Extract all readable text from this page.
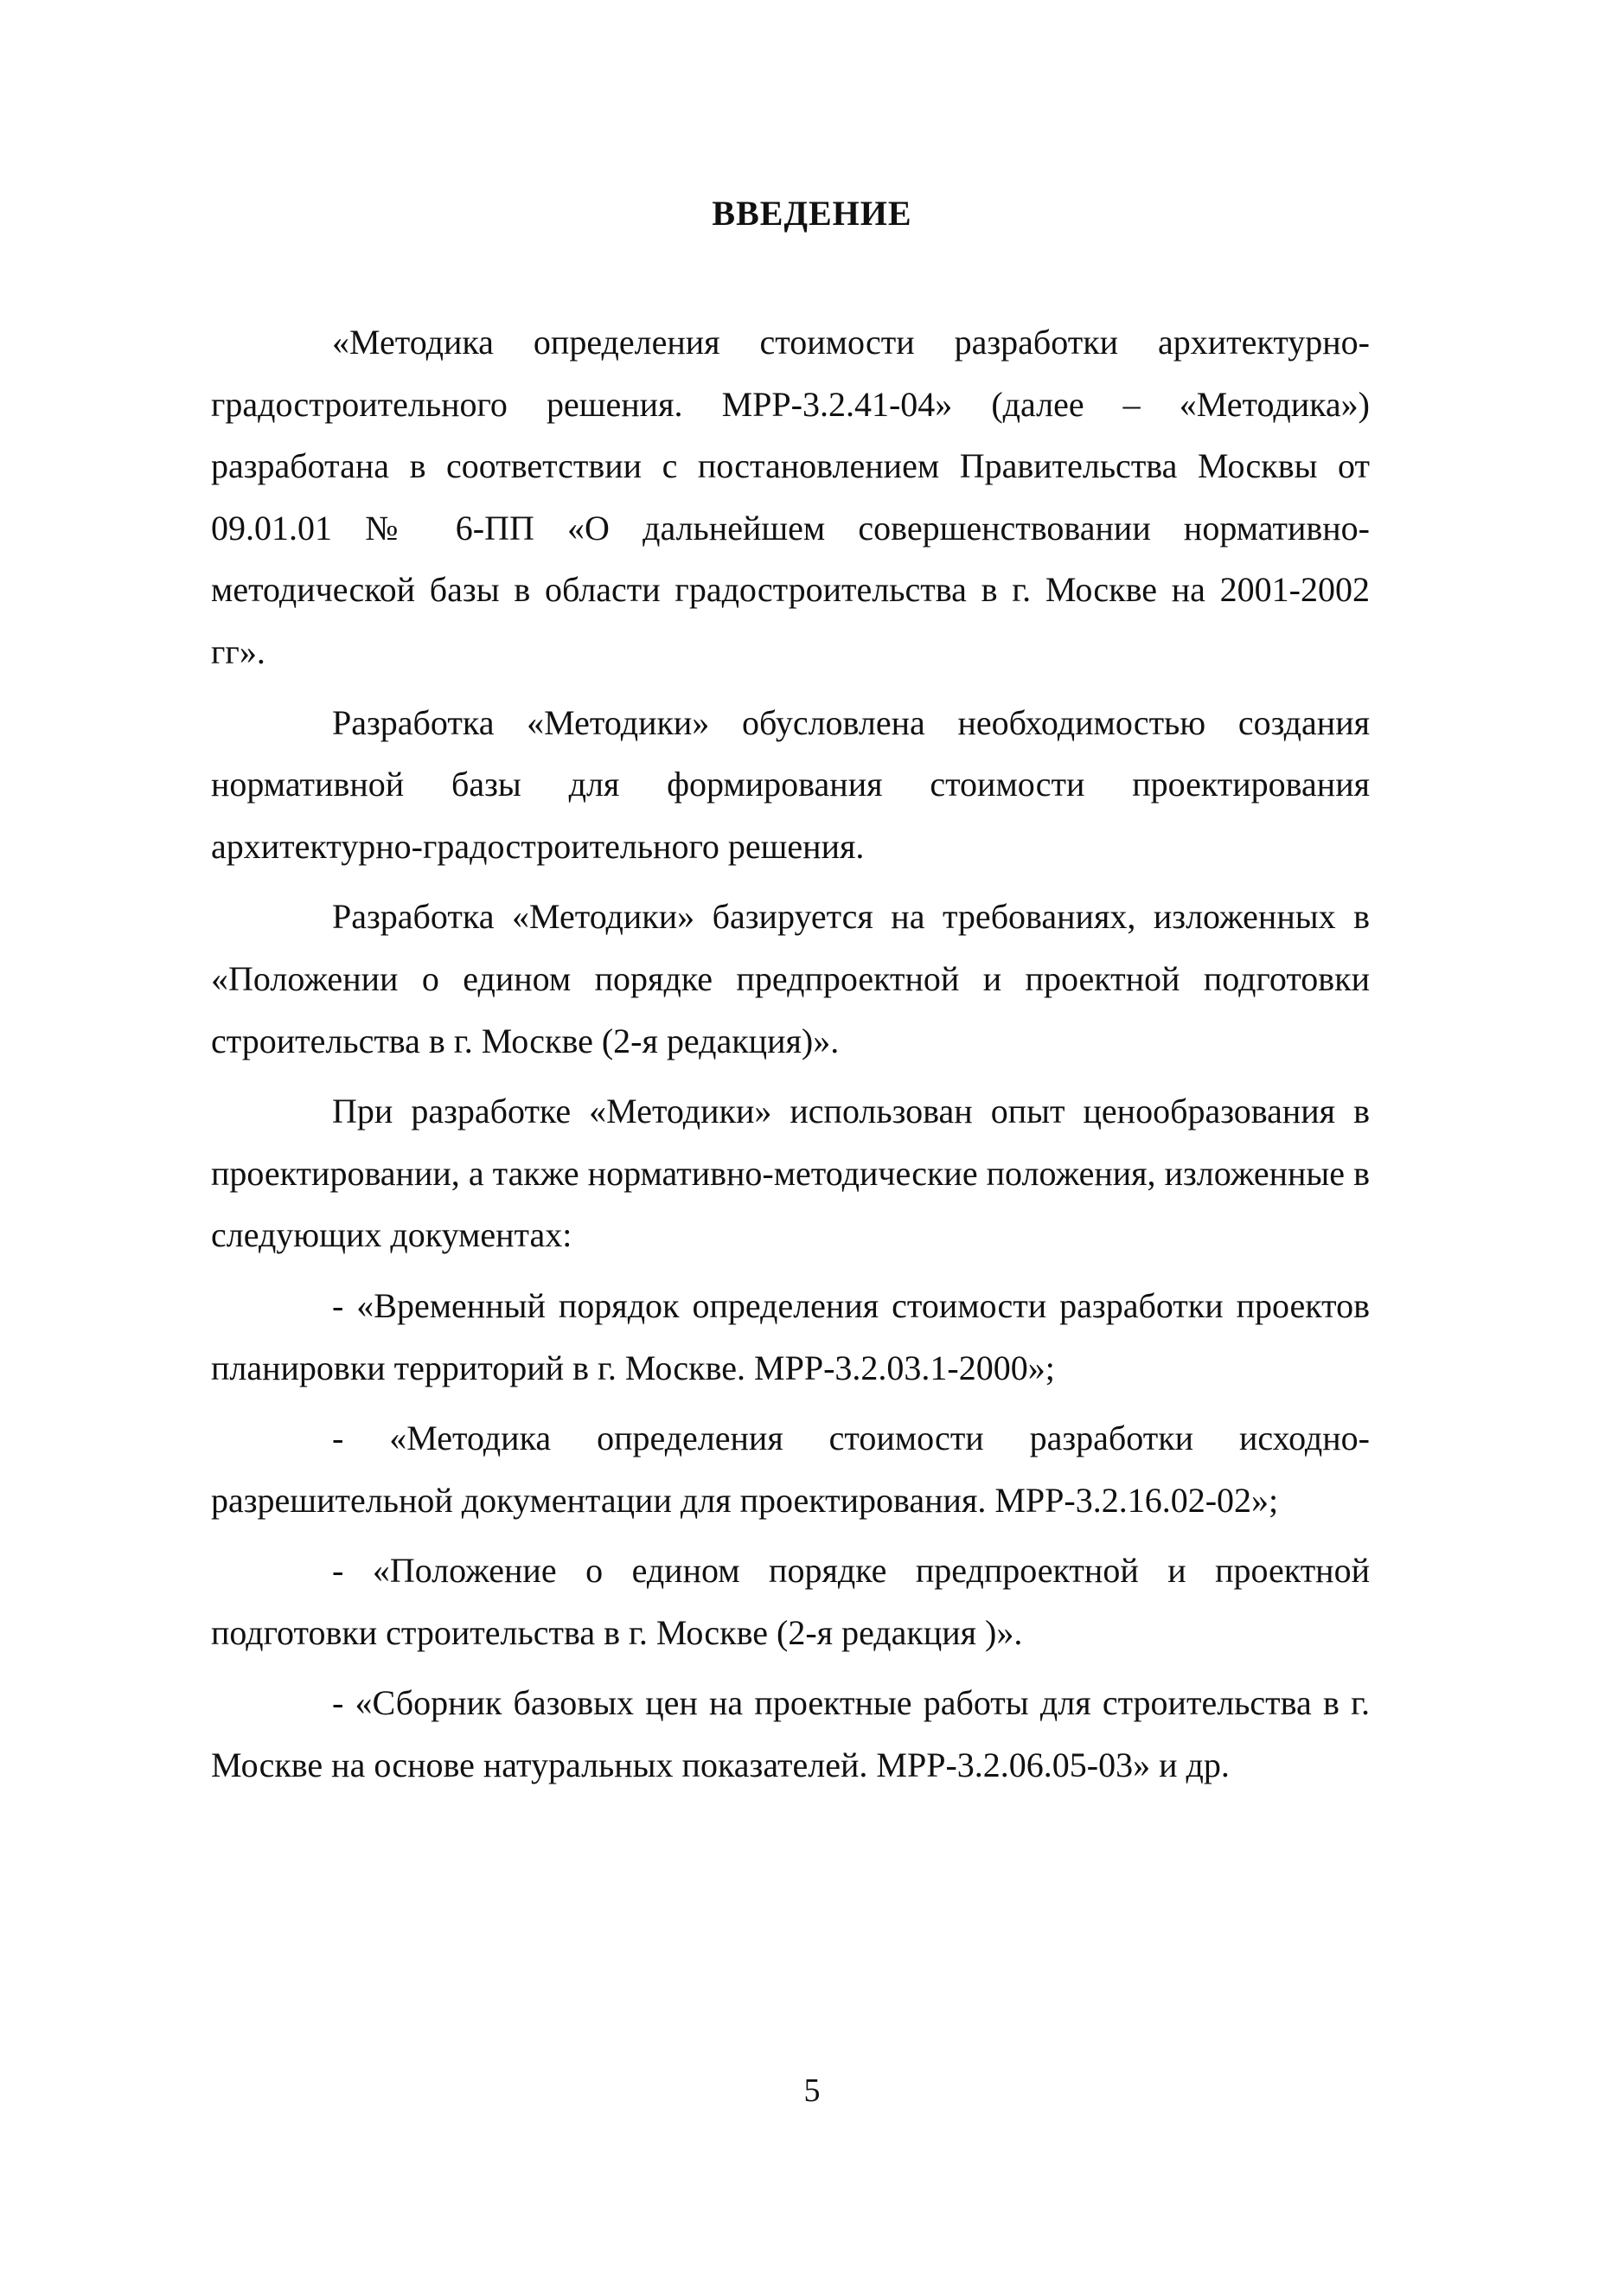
ВВЕДЕНИЕ

«Методика определения стоимости разработки архитектурно-градостроительного решения. МРР-3.2.41-04» (далее – «Методика») разработана в соответствии с постановлением Правительства Москвы от 09.01.01 № 6-ПП «О дальнейшем совершенствовании нормативно-методической базы в области градостроительства в г. Москве на 2001-2002 гг».

Разработка «Методики» обусловлена необходимостью создания нормативной базы для формирования стоимости проектирования архитектурно-градостроительного решения.

Разработка «Методики» базируется на требованиях, изложенных в «Положении о едином порядке предпроектной и проектной подготовки строительства в г. Москве (2-я редакция)».

При разработке «Методики» использован опыт ценообразования в проектировании, а также нормативно-методические положения, изложенные в следующих документах:

- «Временный порядок определения стоимости разработки проектов планировки территорий в г. Москве. МРР-3.2.03.1-2000»;

- «Методика определения стоимости разработки исходно-разрешительной документации для проектирования. МРР-3.2.16.02-02»;

- «Положение о едином порядке предпроектной и проектной подготовки строительства в г. Москве (2-я редакция )».

- «Сборник базовых цен на проектные работы для строительства в г. Москве на основе натуральных показателей. МРР-3.2.06.05-03» и др.

5
